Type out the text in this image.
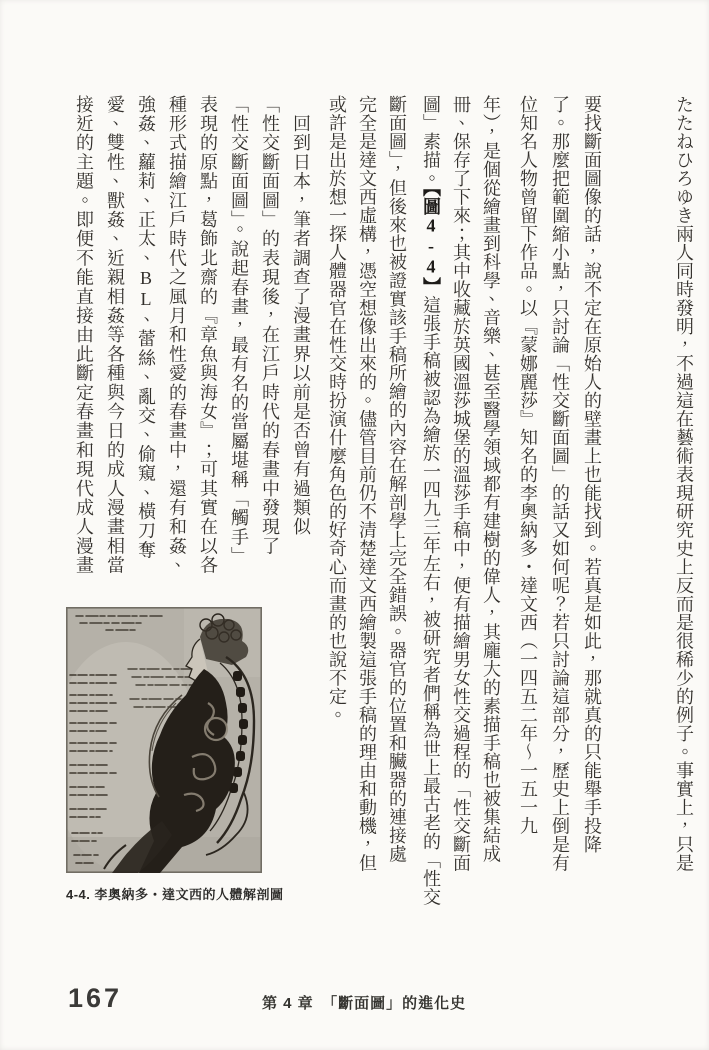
たたねひろゆき兩人同時發明，不過這在藝術表現研究史上反而是很稀少的例子。事實上，只是
要找斷面圖像的話，說不定在原始人的壁畫上也能找到。若真是如此，那就真的只能舉手投降
了。那麼把範圍縮小點，只討論「性交斷面圖」的話又如何呢？若只討論這部分，歷史上倒是有
位知名人物曾留下作品。以『蒙娜麗莎』知名的李奧納多・達文西（一四五二年～一五一九
年），是個從繪畫到科學、音樂、甚至醫學領域都有建樹的偉人，其龐大的素描手稿也被集結成
冊、保存了下來；其中收藏於英國溫莎城堡的溫莎手稿中，便有描繪男女性交過程的「性交斷面
圖」素描。【圖4-4】這張手稿被認為繪於一四九三年左右，被研究者們稱為世上最古老的「性交
斷面圖」，但後來也被證實該手稿所繪的內容在解剖學上完全錯誤。器官的位置和臟器的連接處
完全是達文西虛構，憑空想像出來的。儘管目前仍不清楚達文西繪製這張手稿的理由和動機，但
或許是出於想一探人體器官在性交時扮演什麼角色的好奇心而畫的也說不定。
　回到日本，筆者調查了漫畫界以前是否曾有過類似
「性交斷面圖」的表現後，在江戶時代的春畫中發現了
「性交斷面圖」。說起春畫，最有名的當屬堪稱「觸手」
表現的原點，葛飾北齋的『章魚與海女』；可其實在以各
種形式描繪江戶時代之風月和性愛的春畫中，還有和姦、
強姦、蘿莉、正太、BL、蕾絲、亂交、偷窺、橫刀奪
愛、雙性、獸姦、近親相姦等各種與今日的成人漫畫相當
接近的主題。即便不能直接由此斷定春畫和現代成人漫畫
4-4. 李奧納多・達文西的人體解剖圖
167	第 4 章　「斷面圖」的進化史
